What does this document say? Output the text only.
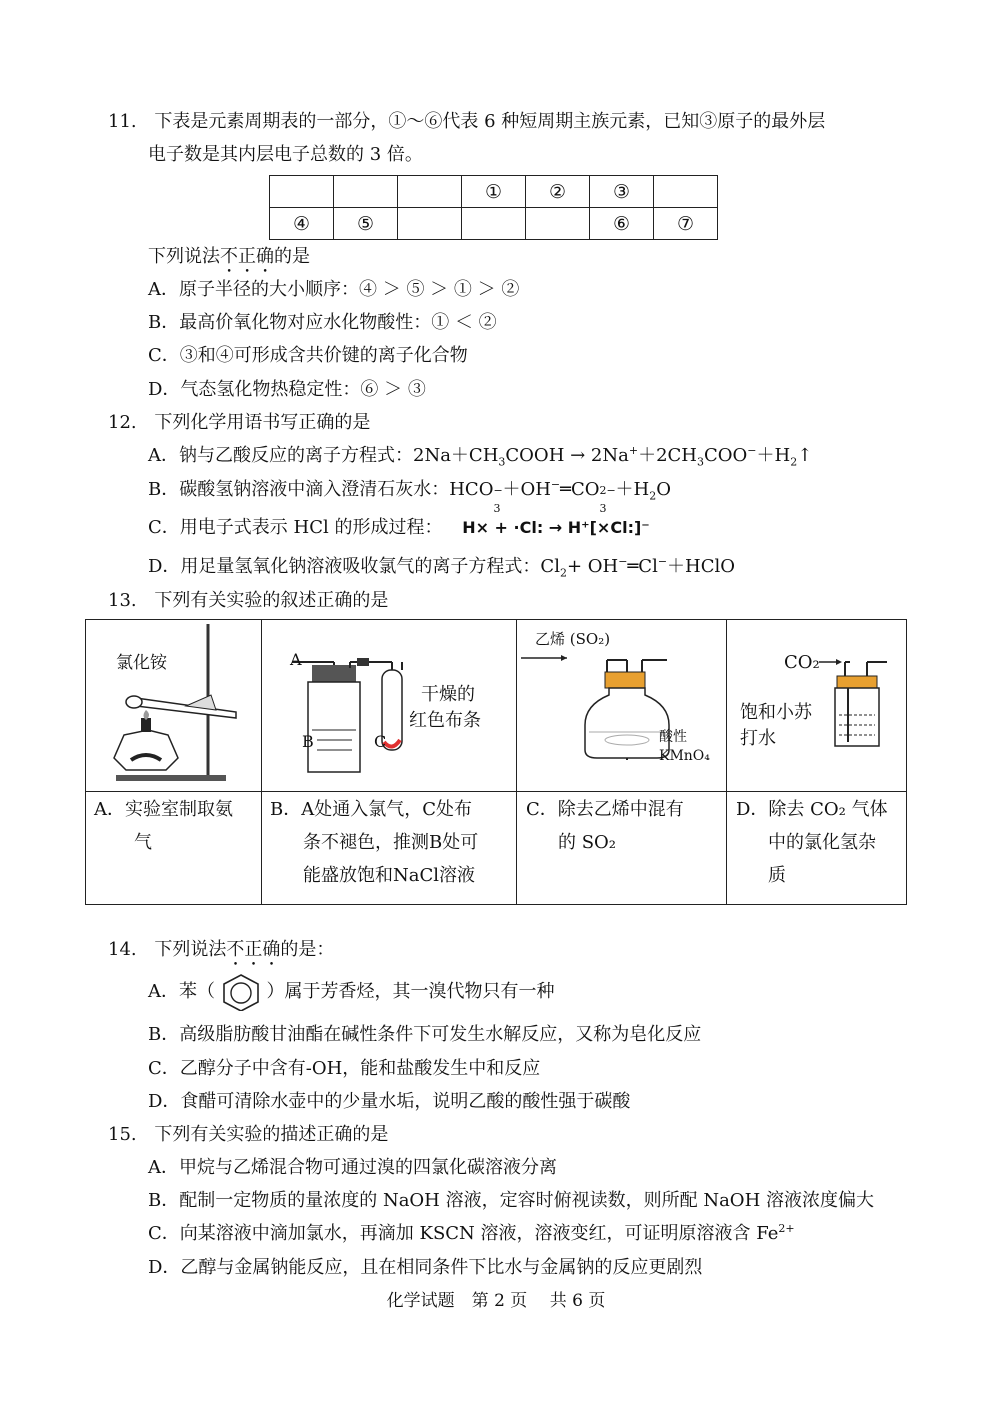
11. 下表是元素周期表的一部分，①～⑥代表 6 种短周期主族元素，已知③原子的最外层
电子数是其内层电子总数的 3 倍。
			①	②	③	
④	⑤				⑥	⑦
下列说法不正确的是
A．原子半径的大小顺序：④ ＞ ⑤ ＞ ① ＞ ②
B．最高价氧化物对应水化物酸性：① ＜ ②
C．③和④可形成含共价键的离子化合物
D．气态氢化物热稳定性：⑥ ＞ ③
12. 下列化学用语书写正确的是
A．钠与乙酸反应的离子方程式：$2Na+CH_3COOH$ → $2Na^++2CH_3COO^-+H_2↑$
B．碳酸氢钠溶液中滴入澄清石灰水：HCO −
3
＋OH−═CO 2−
3
$+H_2O$
C．用电子式表示 HCl 的形成过程： H× + ·Cl: → H⁺[×Cl:]⁻
D．用足量氢氧化钠溶液吸收氯气的离子方程式：$Cl_2+$ OH−═Cl−＋HClO
13. 下列有关实验的叙述正确的是
氯化铵	A
B	C
干燥的
红色布条
乙烯 (SO₂)
酸性
KMnO₄
CO₂
饱和小苏
打水
A．实验室制取氨
气
B．A处通入氯气，C处布
条不褪色，推测B处可
能盛放饱和NaCl溶液
C．除去乙烯中混有
的 SO₂
D．除去 CO₂ 气体
中的氯化氢杂
质
14. 下列说法不正确的是：
A．苯（	）属于芳香烃，其一溴代物只有一种
B．高级脂肪酸甘油酯在碱性条件下可发生水解反应，又称为皂化反应
C．乙醇分子中含有-OH，能和盐酸发生中和反应
D．食醋可清除水壶中的少量水垢，说明乙酸的酸性强于碳酸
15. 下列有关实验的描述正确的是
A．甲烷与乙烯混合物可通过溴的四氯化碳溶液分离
B．配制一定物质的量浓度的 NaOH 溶液，定容时俯视读数，则所配 NaOH 溶液浓度偏大
C．向某溶液中滴加氯水，再滴加 KSCN 溶液，溶液变红，可证明原溶液含 $Fe^{2+}$
D．乙醇与金属钠能反应，且在相同条件下比水与金属钠的反应更剧烈
化学试题　第 2 页　 共 6 页
